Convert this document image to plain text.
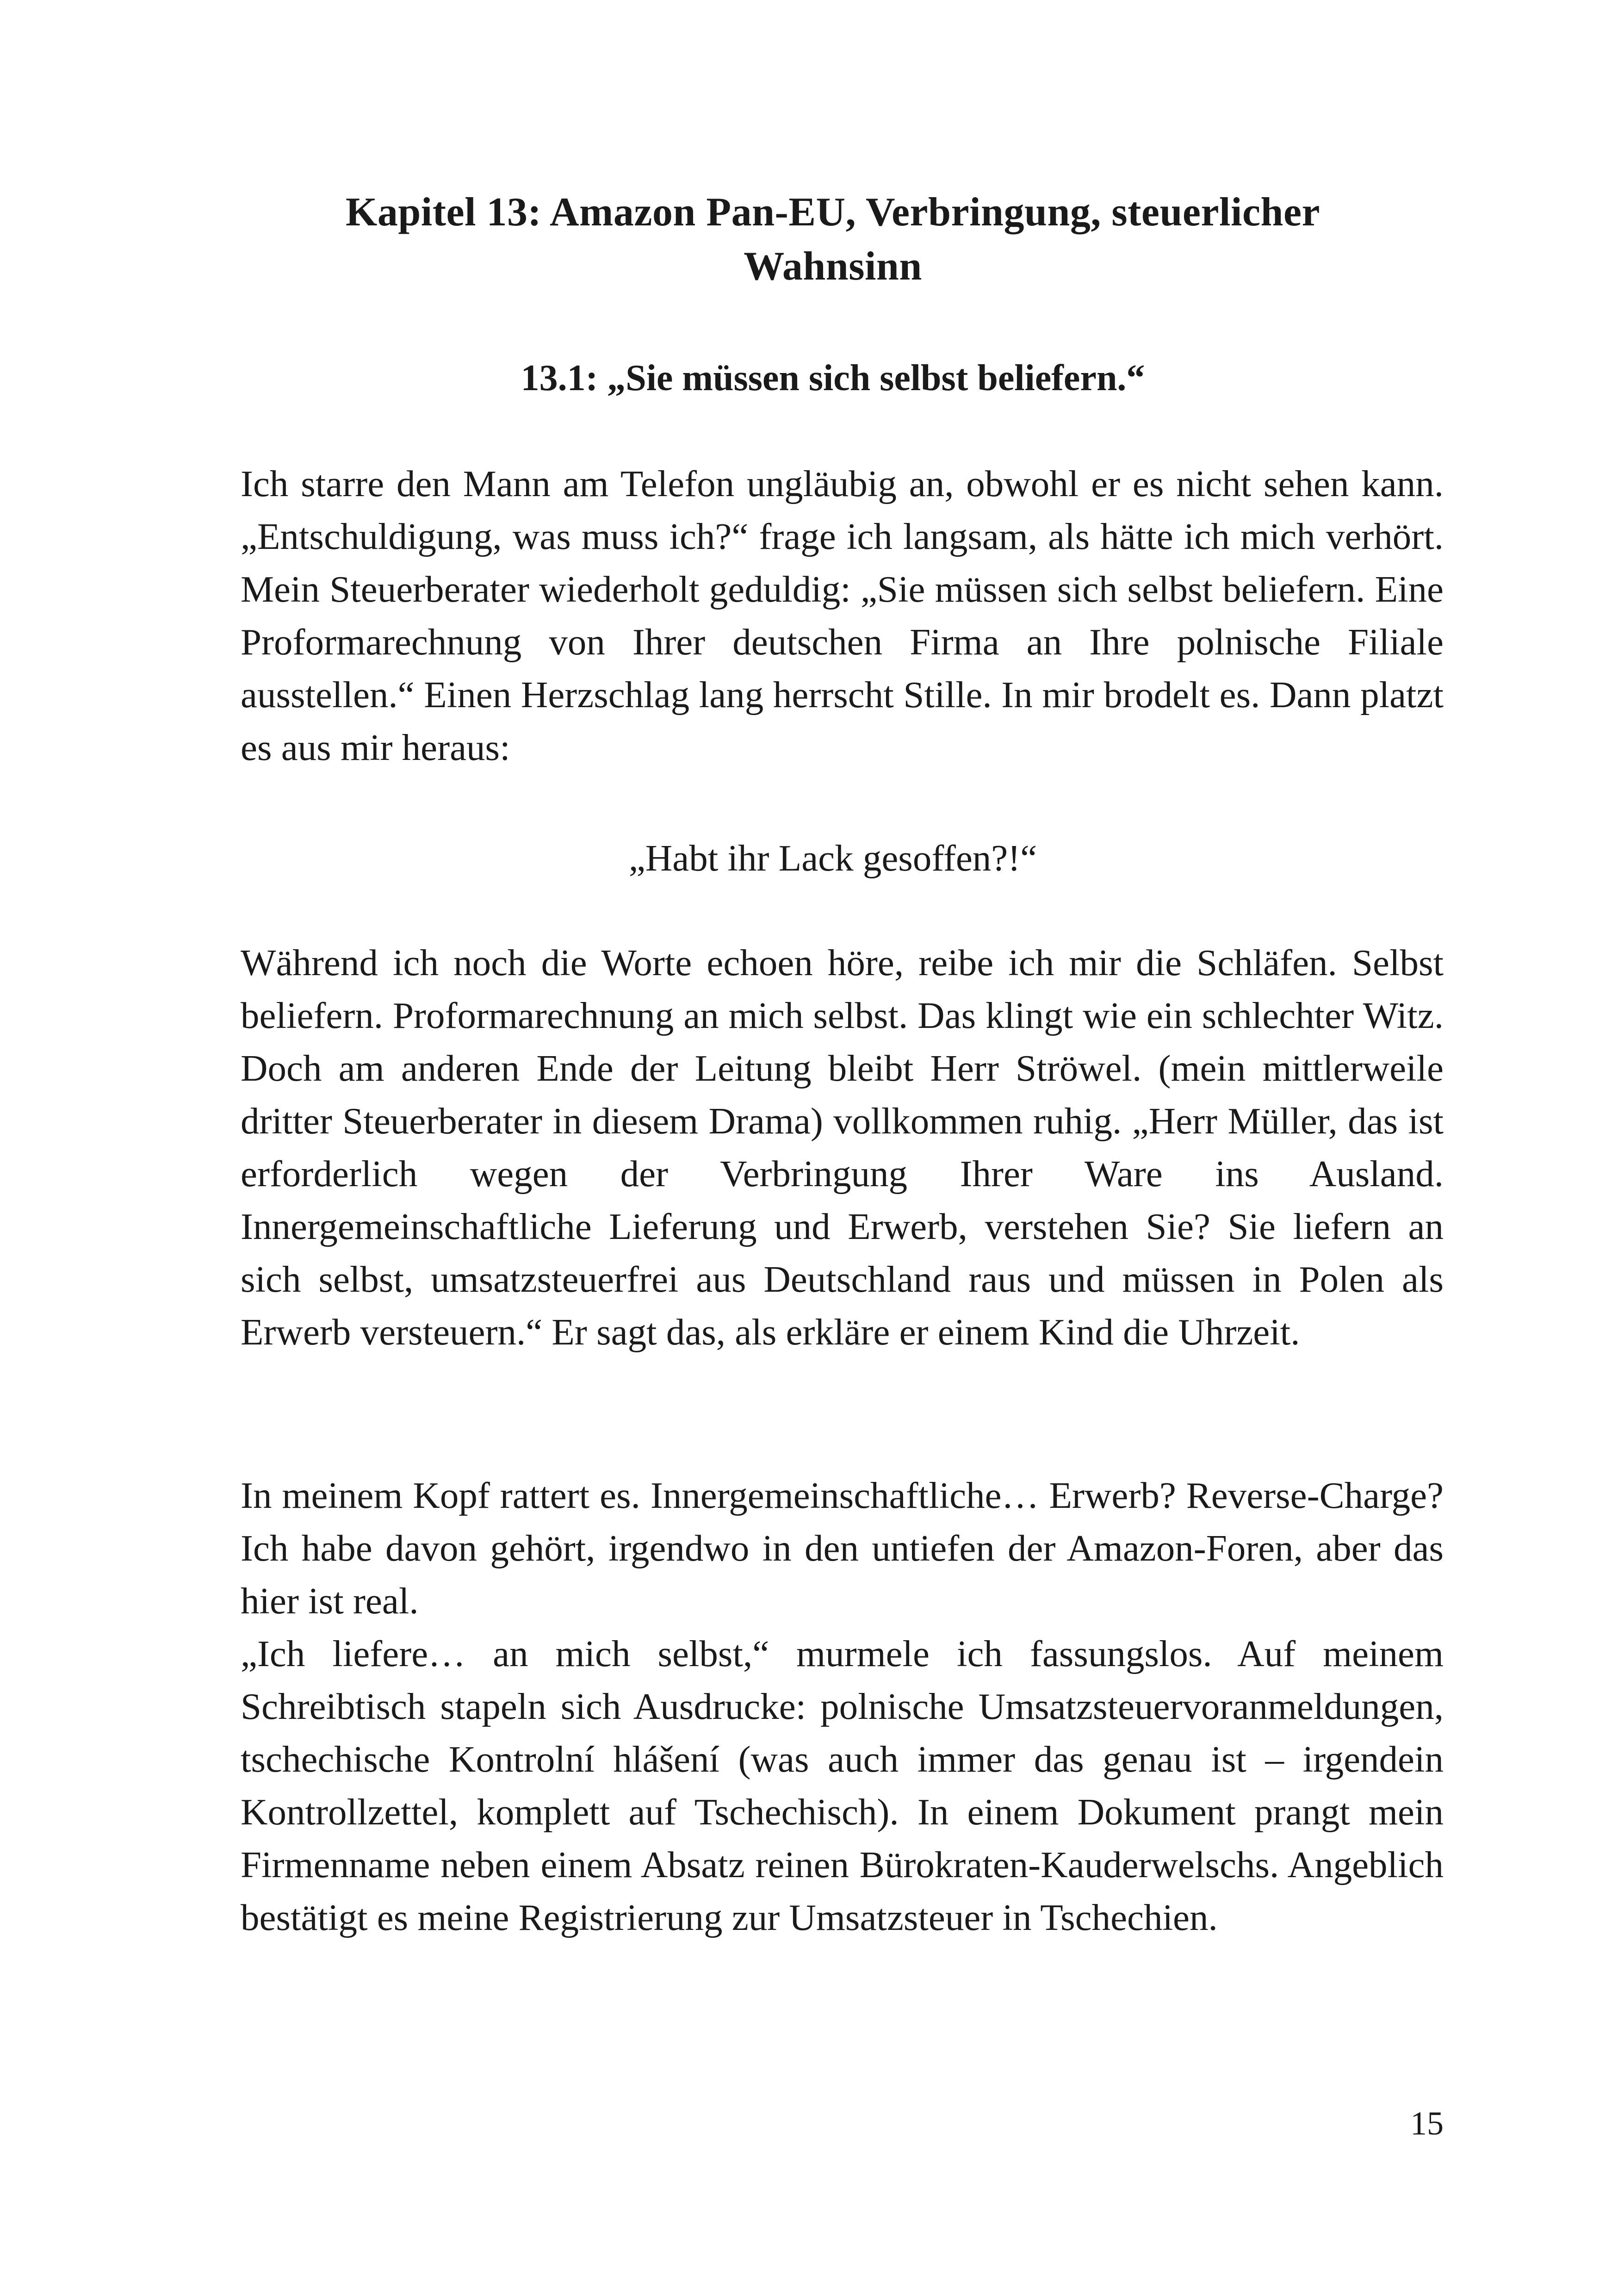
Kapitel 13: Amazon Pan-EU, Verbringung, steuerlicher Wahnsinn
13.1: „Sie müssen sich selbst beliefern.“

Ich starre den Mann am Telefon ungläubig an, obwohl er es nicht sehen kann. „Entschuldigung, was muss ich?“ frage ich langsam, als hätte ich mich verhört. Mein Steuerberater wiederholt geduldig: „Sie müssen sich selbst beliefern. Eine Proformarechnung von Ihrer deutschen Firma an Ihre polnische Filiale ausstellen.“ Einen Herzschlag lang herrscht Stille. In mir brodelt es. Dann platzt es aus mir heraus:

„Habt ihr Lack gesoffen?!“

Während ich noch die Worte echoen höre, reibe ich mir die Schläfen. Selbst beliefern. Proformarechnung an mich selbst. Das klingt wie ein schlechter Witz. Doch am anderen Ende der Leitung bleibt Herr Ströwel. (mein mittlerweile dritter Steuerberater in diesem Drama) vollkommen ruhig. „Herr Müller, das ist erforderlich wegen der Verbringung Ihrer Ware ins Ausland. Innergemeinschaftliche Lieferung und Erwerb, verstehen Sie? Sie liefern an sich selbst, umsatzsteuerfrei aus Deutschland raus und müssen in Polen als Erwerb versteuern.“ Er sagt das, als erkläre er einem Kind die Uhrzeit.

In meinem Kopf rattert es. Innergemeinschaftliche… Erwerb? Reverse-Charge? Ich habe davon gehört, irgendwo in den untiefen der Amazon-Foren, aber das hier ist real.

„Ich liefere… an mich selbst,“ murmele ich fassungslos. Auf meinem Schreibtisch stapeln sich Ausdrucke: polnische Umsatzsteuervoranmeldungen, tschechische Kontrolní hlášení (was auch immer das genau ist – irgendein Kontrollzettel, komplett auf Tschechisch). In einem Dokument prangt mein Firmenname neben einem Absatz reinen Bürokraten-Kauderwelschs. Angeblich bestätigt es meine Registrierung zur Umsatzsteuer in Tschechien.

15
